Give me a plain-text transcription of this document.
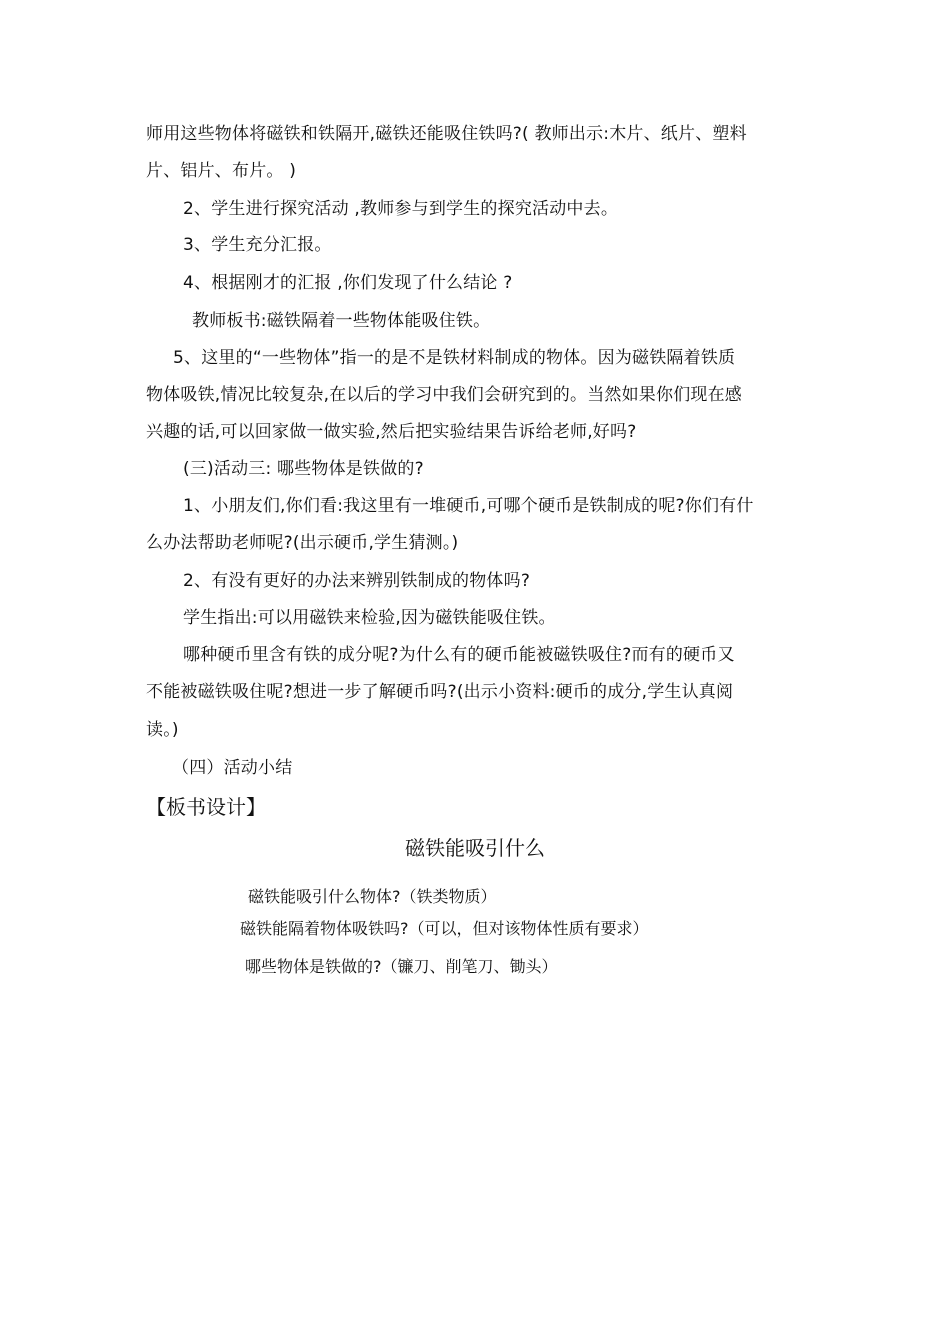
师用这些物体将磁铁和铁隔开,磁铁还能吸住铁吗?( 教师出示:木片、纸片、塑料
片、铝片、布片。 )
2、学生进行探究活动 ,教师参与到学生的探究活动中去。
3、学生充分汇报。
4、根据刚才的汇报 ,你们发现了什么结论 ?
教师板书:磁铁隔着一些物体能吸住铁。
5、这里的“一些物体”指一的是不是铁材料制成的物体。因为磁铁隔着铁质
物体吸铁,情况比较复杂,在以后的学习中我们会研究到的。当然如果你们现在感
兴趣的话,可以回家做一做实验,然后把实验结果告诉给老师,好吗?
(三)活动三: 哪些物体是铁做的?
1、小朋友们,你们看:我这里有一堆硬币,可哪个硬币是铁制成的呢?你们有什
么办法帮助老师呢?(出示硬币,学生猜测。)
2、有没有更好的办法来辨别铁制成的物体吗?
学生指出:可以用磁铁来检验,因为磁铁能吸住铁。
哪种硬币里含有铁的成分呢?为什么有的硬币能被磁铁吸住?而有的硬币又
不能被磁铁吸住呢?想进一步了解硬币吗?(出示小资料:硬币的成分,学生认真阅
读。)
（四）活动小结
【板书设计】
磁铁能吸引什么
磁铁能吸引什么物体?（铁类物质）
磁铁能隔着物体吸铁吗?（可以，但对该物体性质有要求）
哪些物体是铁做的?（镰刀、削笔刀、锄头）
